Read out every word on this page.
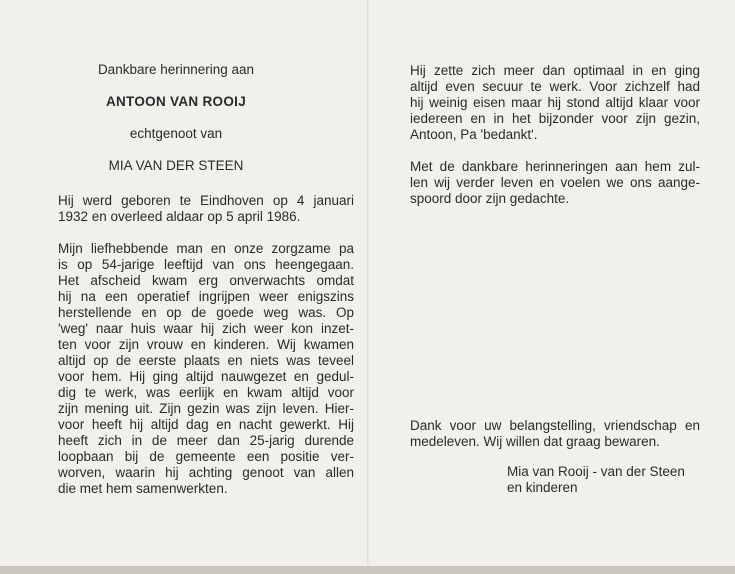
Dankbare herinnering aan
ANTOON VAN ROOIJ
echtgenoot van
MIA VAN DER STEEN
Hij werd geboren te Eindhoven op 4 januari
1932 en overleed aldaar op 5 april 1986.
Mijn liefhebbende man en onze zorgzame pa
is op 54-jarige leeftijd van ons heengegaan.
Het afscheid kwam erg onverwachts omdat
hij na een operatief ingrijpen weer enigszins
herstellende en op de goede weg was. Op
'weg' naar huis waar hij zich weer kon inzet-
ten voor zijn vrouw en kinderen. Wij kwamen
altijd op de eerste plaats en niets was teveel
voor hem. Hij ging altijd nauwgezet en gedul-
dig te werk, was eerlijk en kwam altijd voor
zijn mening uit. Zijn gezin was zijn leven. Hier-
voor heeft hij altijd dag en nacht gewerkt. Hij
heeft zich in de meer dan 25-jarig durende
loopbaan bij de gemeente een positie ver-
worven, waarin hij achting genoot van allen
die met hem samenwerkten.
Hij zette zich meer dan optimaal in en ging
altijd even secuur te werk. Voor zichzelf had
hij weinig eisen maar hij stond altijd klaar voor
iedereen en in het bijzonder voor zijn gezin,
Antoon, Pa 'bedankt'.
Met de dankbare herinneringen aan hem zul-
len wij verder leven en voelen we ons aange-
spoord door zijn gedachte.
Dank voor uw belangstelling, vriendschap en
medeleven. Wij willen dat graag bewaren.
Mia van Rooij - van der Steen
en kinderen
